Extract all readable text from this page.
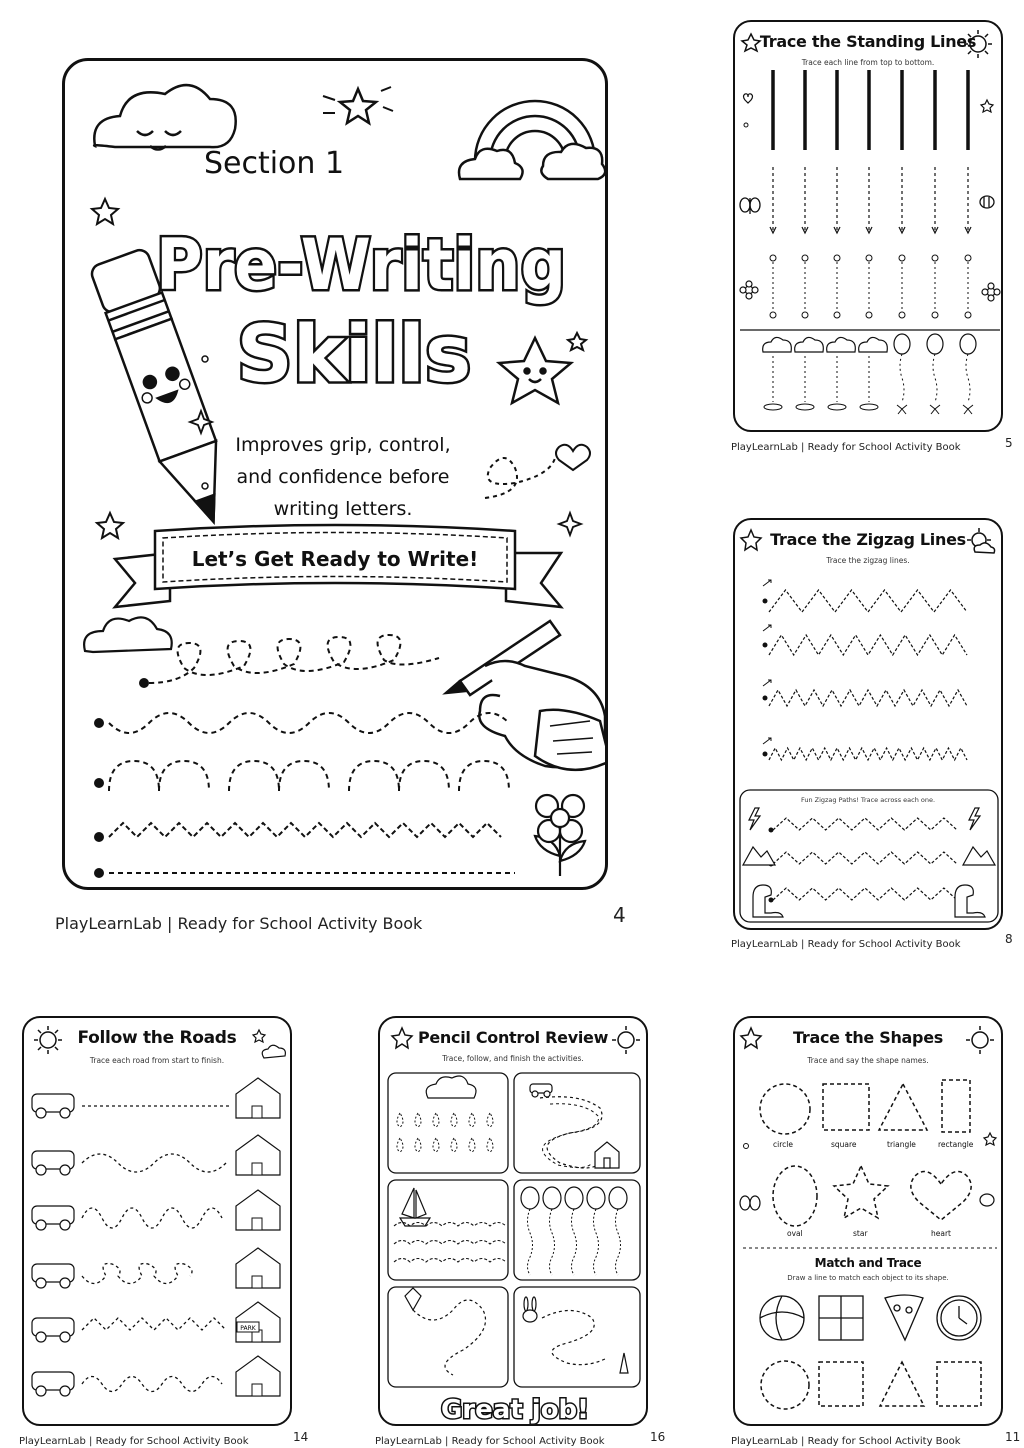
Section 1
Pre-Writing
Skills
Improves grip, control,
and confidence before
writing letters.
Let’s Get Ready to Write!
PlayLearnLab | Ready for School Activity Book	4
Trace the Standing Lines
Trace each line from top to bottom.
PlayLearnLab | Ready for School Activity Book	5
Trace the Zigzag Lines
Trace the zigzag lines.
Fun Zigzag Paths! Trace across each one.
PlayLearnLab | Ready for School Activity Book	8
Follow the Roads
Trace each road from start to finish.
PARK
PlayLearnLab | Ready for School Activity Book	14
Pencil Control Review
Trace, follow, and finish the activities.
Great job!
PlayLearnLab | Ready for School Activity Book	16
Trace the Shapes
Trace and say the shape names.
circle	square	triangle	rectangle
oval	star	heart
Match and Trace
Draw a line to match each object to its shape.
PlayLearnLab | Ready for School Activity Book	11
